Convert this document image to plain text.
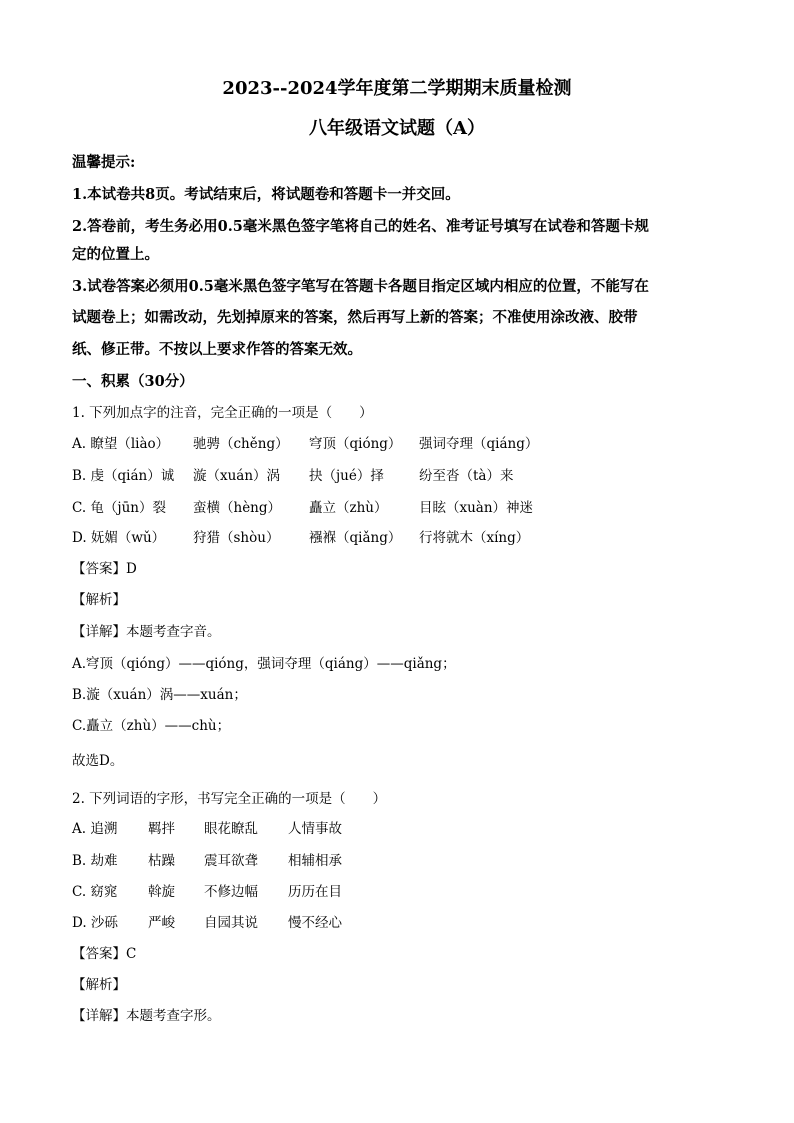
2023--2024学年度第二学期期末质量检测
八年级语文试题（A）
温馨提示:
1.本试卷共8页。考试结束后，将试题卷和答题卡一并交回。
2.答卷前，考生务必用0.5毫米黑色签字笔将自己的姓名、准考证号填写在试卷和答题卡规
定的位置上。
3.试卷答案必须用0.5毫米黑色签字笔写在答题卡各题目指定区域内相应的位置，不能写在
试题卷上；如需改动，先划掉原来的答案，然后再写上新的答案；不准使用涂改液、胶带
纸、修正带。不按以上要求作答的答案无效。
一、积累（30分）
1. 下列加点字的注音，完全正确的一项是（　　）
A. 瞭望（liào） 驰骋（chěng） 穹顶（qióng） 强词夺理（qiáng）
B. 虔（qián）诚 漩（xuán）涡 抉（jué）择	纷至沓（tà）来
C. 龟（jūn）裂 蛮横（hèng） 矗立（zhù） 目眩（xuàn）神迷
D. 妩媚（wǔ） 狩猎（shòu） 襁褓（qiǎng） 行将就木（xíng）
【答案】D
【解析】
【详解】本题考查字音。
A.穹顶（qióng）——qióng，强词夺理（qiáng）——qiǎng；
B.漩（xuán）涡——xuán；
C.矗立（zhù）——chù；
故选D。
2. 下列词语的字形，书写完全正确的一项是（　　）
A. 追溯 羁拌 眼花瞭乱 人情事故
B. 劫难 枯躁 震耳欲聋 相辅相承
C. 窈窕 斡旋 不修边幅 历历在目
D. 沙砾 严峻 自园其说 慢不经心
【答案】C
【解析】
【详解】本题考查字形。
